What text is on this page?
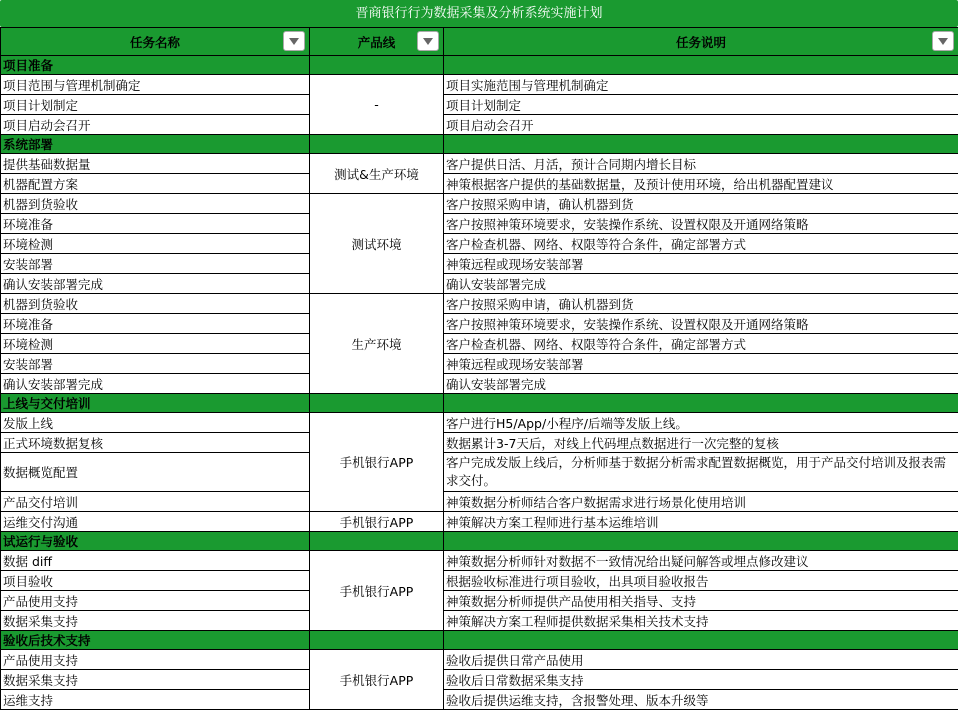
晋商银行行为数据采集及分析系统实施计划
任务名称	产品线	任务说明

项目准备		
项目范围与管理机制确定	-	项目实施范围与管理机制确定
项目计划制定		项目计划制定
项目启动会召开		项目启动会召开
系统部署		
提供基础数据量	测试&生产环境	客户提供日活、月活，预计合同期内增长目标
机器配置方案		神策根据客户提供的基础数据量，及预计使用环境，给出机器配置建议
机器到货验收	测试环境	客户按照采购申请，确认机器到货
环境准备		客户按照神策环境要求，安装操作系统、设置权限及开通网络策略
环境检测		客户检查机器、网络、权限等符合条件，确定部署方式
安装部署		神策远程或现场安装部署
确认安装部署完成		确认安装部署完成
机器到货验收	生产环境	客户按照采购申请，确认机器到货
环境准备		客户按照神策环境要求，安装操作系统、设置权限及开通网络策略
环境检测		客户检查机器、网络、权限等符合条件，确定部署方式
安装部署		神策远程或现场安装部署
确认安装部署完成		确认安装部署完成
上线与交付培训		
发版上线	手机银行APP	客户进行H5/App/小程序/后端等发版上线。
正式环境数据复核		数据累计3-7天后，对线上代码埋点数据进行一次完整的复核
数据概览配置		客户完成发版上线后，分析师基于数据分析需求配置数据概览，用于产品交付培训及报表需求交付。
产品交付培训		神策数据分析师结合客户数据需求进行场景化使用培训
运维交付沟通	手机银行APP	神策解决方案工程师进行基本运维培训
试运行与验收		
数据 diff	手机银行APP	神策数据分析师针对数据不一致情况给出疑问解答或埋点修改建议
项目验收		根据验收标准进行项目验收，出具项目验收报告
产品使用支持		神策数据分析师提供产品使用相关指导、支持
数据采集支持		神策解决方案工程师提供数据采集相关技术支持
验收后技术支持		
产品使用支持	手机银行APP	验收后提供日常产品使用
数据采集支持		验收后日常数据采集支持
运维支持		验收后提供运维支持，含报警处理、版本升级等
